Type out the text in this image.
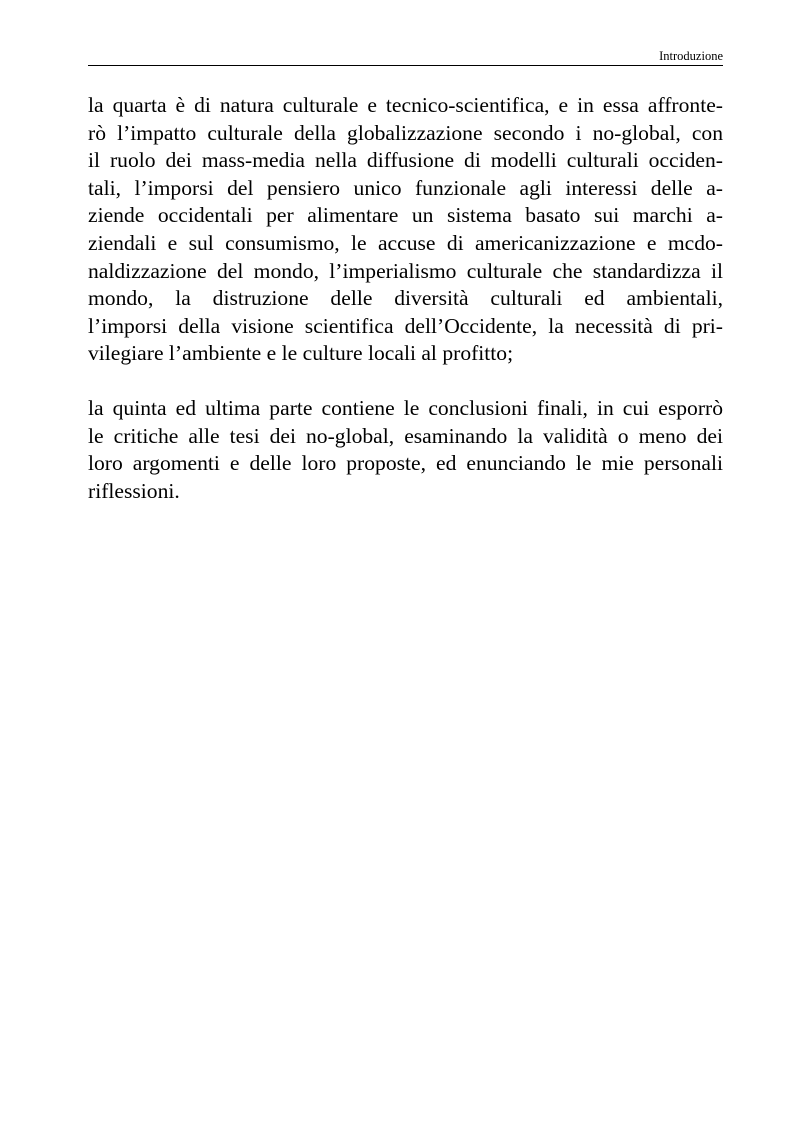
Introduzione
la quarta è di natura culturale e tecnico-scientifica, e in essa affronte-
rò l’impatto culturale della globalizzazione secondo i no-global, con
il ruolo dei mass-media nella diffusione di modelli culturali occiden-
tali, l’imporsi del pensiero unico funzionale agli interessi delle a-
ziende occidentali per alimentare un sistema basato sui marchi a-
ziendali e sul consumismo, le accuse di americanizzazione e mcdo-
naldizzazione del mondo, l’imperialismo culturale che standardizza il
mondo, la distruzione delle diversità culturali ed ambientali,
l’imporsi della visione scientifica dell’Occidente, la necessità di pri-
vilegiare l’ambiente e le culture locali al profitto;
la quinta ed ultima parte contiene le conclusioni finali, in cui esporrò
le critiche alle tesi dei no-global, esaminando la validità o meno dei
loro argomenti e delle loro proposte, ed enunciando le mie personali
riflessioni.
